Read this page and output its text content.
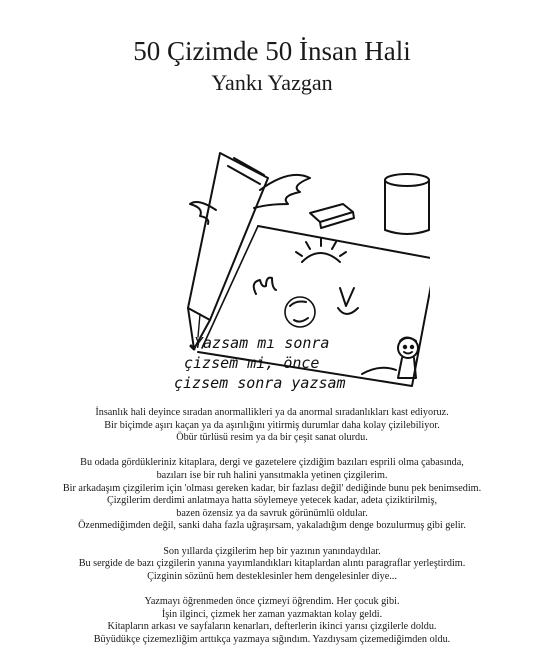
50 Çizimde 50 İnsan Hali
Yankı Yazgan
Yazsam mı sonra
çizsem mi, önce
çizsem sonra yazsam
İnsanlık hali deyince sıradan anormallikleri ya da anormal sıradanlıkları kast ediyoruz.
Bir biçimde aşırı kaçan ya da aşırılığını yitirmiş durumlar daha kolay çizilebiliyor.
Öbür türlüsü resim ya da bir çeşit sanat olurdu.
Bu odada gördükleriniz kitaplara, dergi ve gazetelere çizdiğim bazıları esprili olma çabasında,
bazıları ise bir ruh halini yansıtmakla yetinen çizgilerim.
Bir arkadaşım çizgilerim için 'olması gereken kadar, bir fazlası değil' dediğinde bunu pek benimsedim.
Çizgilerim derdimi anlatmaya hatta söylemeye yetecek kadar, adeta çiziktirilmiş,
bazen özensiz ya da savruk görünümlü oldular.
Özenmediğimden değil, sanki daha fazla uğraşırsam, yakaladığım denge bozulurmuş gibi gelir.
Son yıllarda çizgilerim hep bir yazının yanındaydılar.
Bu sergide de bazı çizgilerin yanına yayımlandıkları kitaplardan alıntı paragraflar yerleştirdim.
Çizginin sözünü hem desteklesinler hem dengelesinler diye...
Yazmayı öğrenmeden önce çizmeyi öğrendim. Her çocuk gibi.
İşin ilginci, çizmek her zaman yazmaktan kolay geldi.
Kitapların arkası ve sayfaların kenarları, defterlerin ikinci yarısı çizgilerle doldu.
Büyüdükçe çizemezliğim arttıkça yazmaya sığındım. Yazdıysam çizemediğimden oldu.
